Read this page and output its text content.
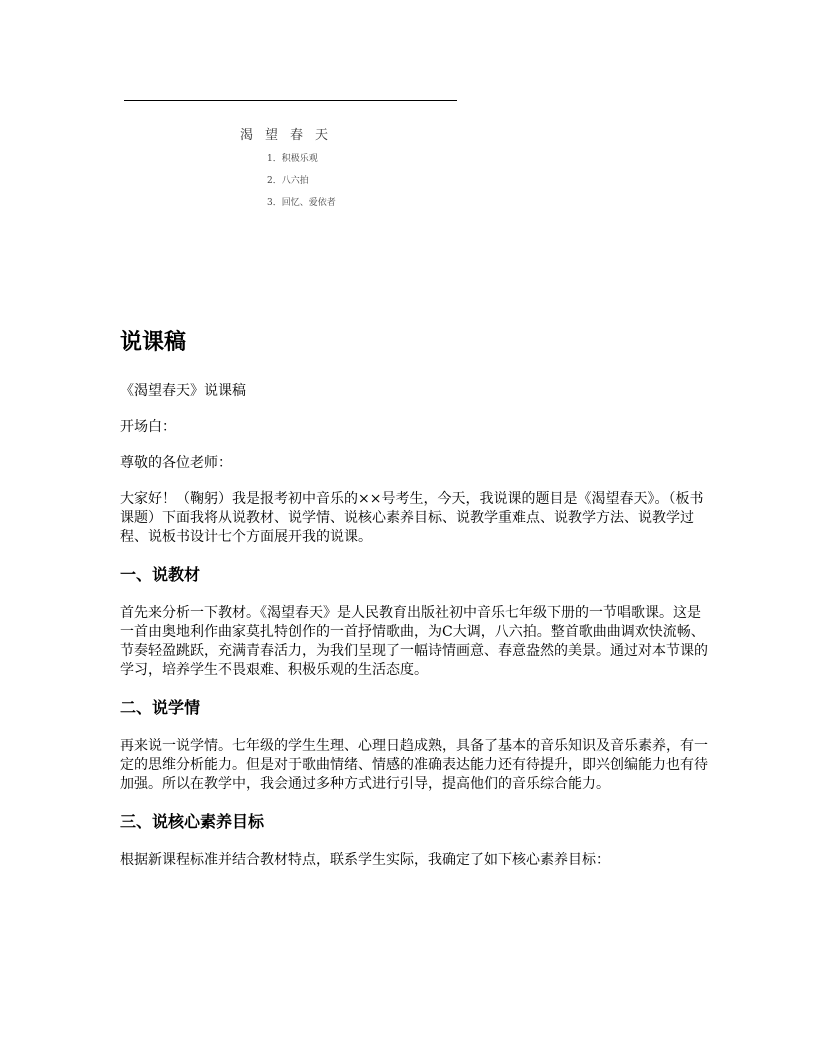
渴望春天
1．积极乐观
2．八六拍
3．回忆、爱依者
说课稿

《渴望春天》说课稿

开场白：

尊敬的各位老师：

大家好！（鞠躬）我是报考初中音乐的××号考生，今天，我说课的题目是《渴望春天》。（板书课题）下面我将从说教材、说学情、说核心素养目标、说教学重难点、说教学方法、说教学过程、说板书设计七个方面展开我的说课。

一、说教材

首先来分析一下教材。《渴望春天》是人民教育出版社初中音乐七年级下册的一节唱歌课。这是一首由奥地利作曲家莫扎特创作的一首抒情歌曲，为C大调，八六拍。整首歌曲曲调欢快流畅、节奏轻盈跳跃，充满青春活力，为我们呈现了一幅诗情画意、春意盎然的美景。通过对本节课的学习，培养学生不畏艰难、积极乐观的生活态度。

二、说学情

再来说一说学情。七年级的学生生理、心理日趋成熟，具备了基本的音乐知识及音乐素养，有一定的思维分析能力。但是对于歌曲情绪、情感的准确表达能力还有待提升，即兴创编能力也有待加强。所以在教学中，我会通过多种方式进行引导，提高他们的音乐综合能力。

三、说核心素养目标

根据新课程标准并结合教材特点，联系学生实际，我确定了如下核心素养目标：
